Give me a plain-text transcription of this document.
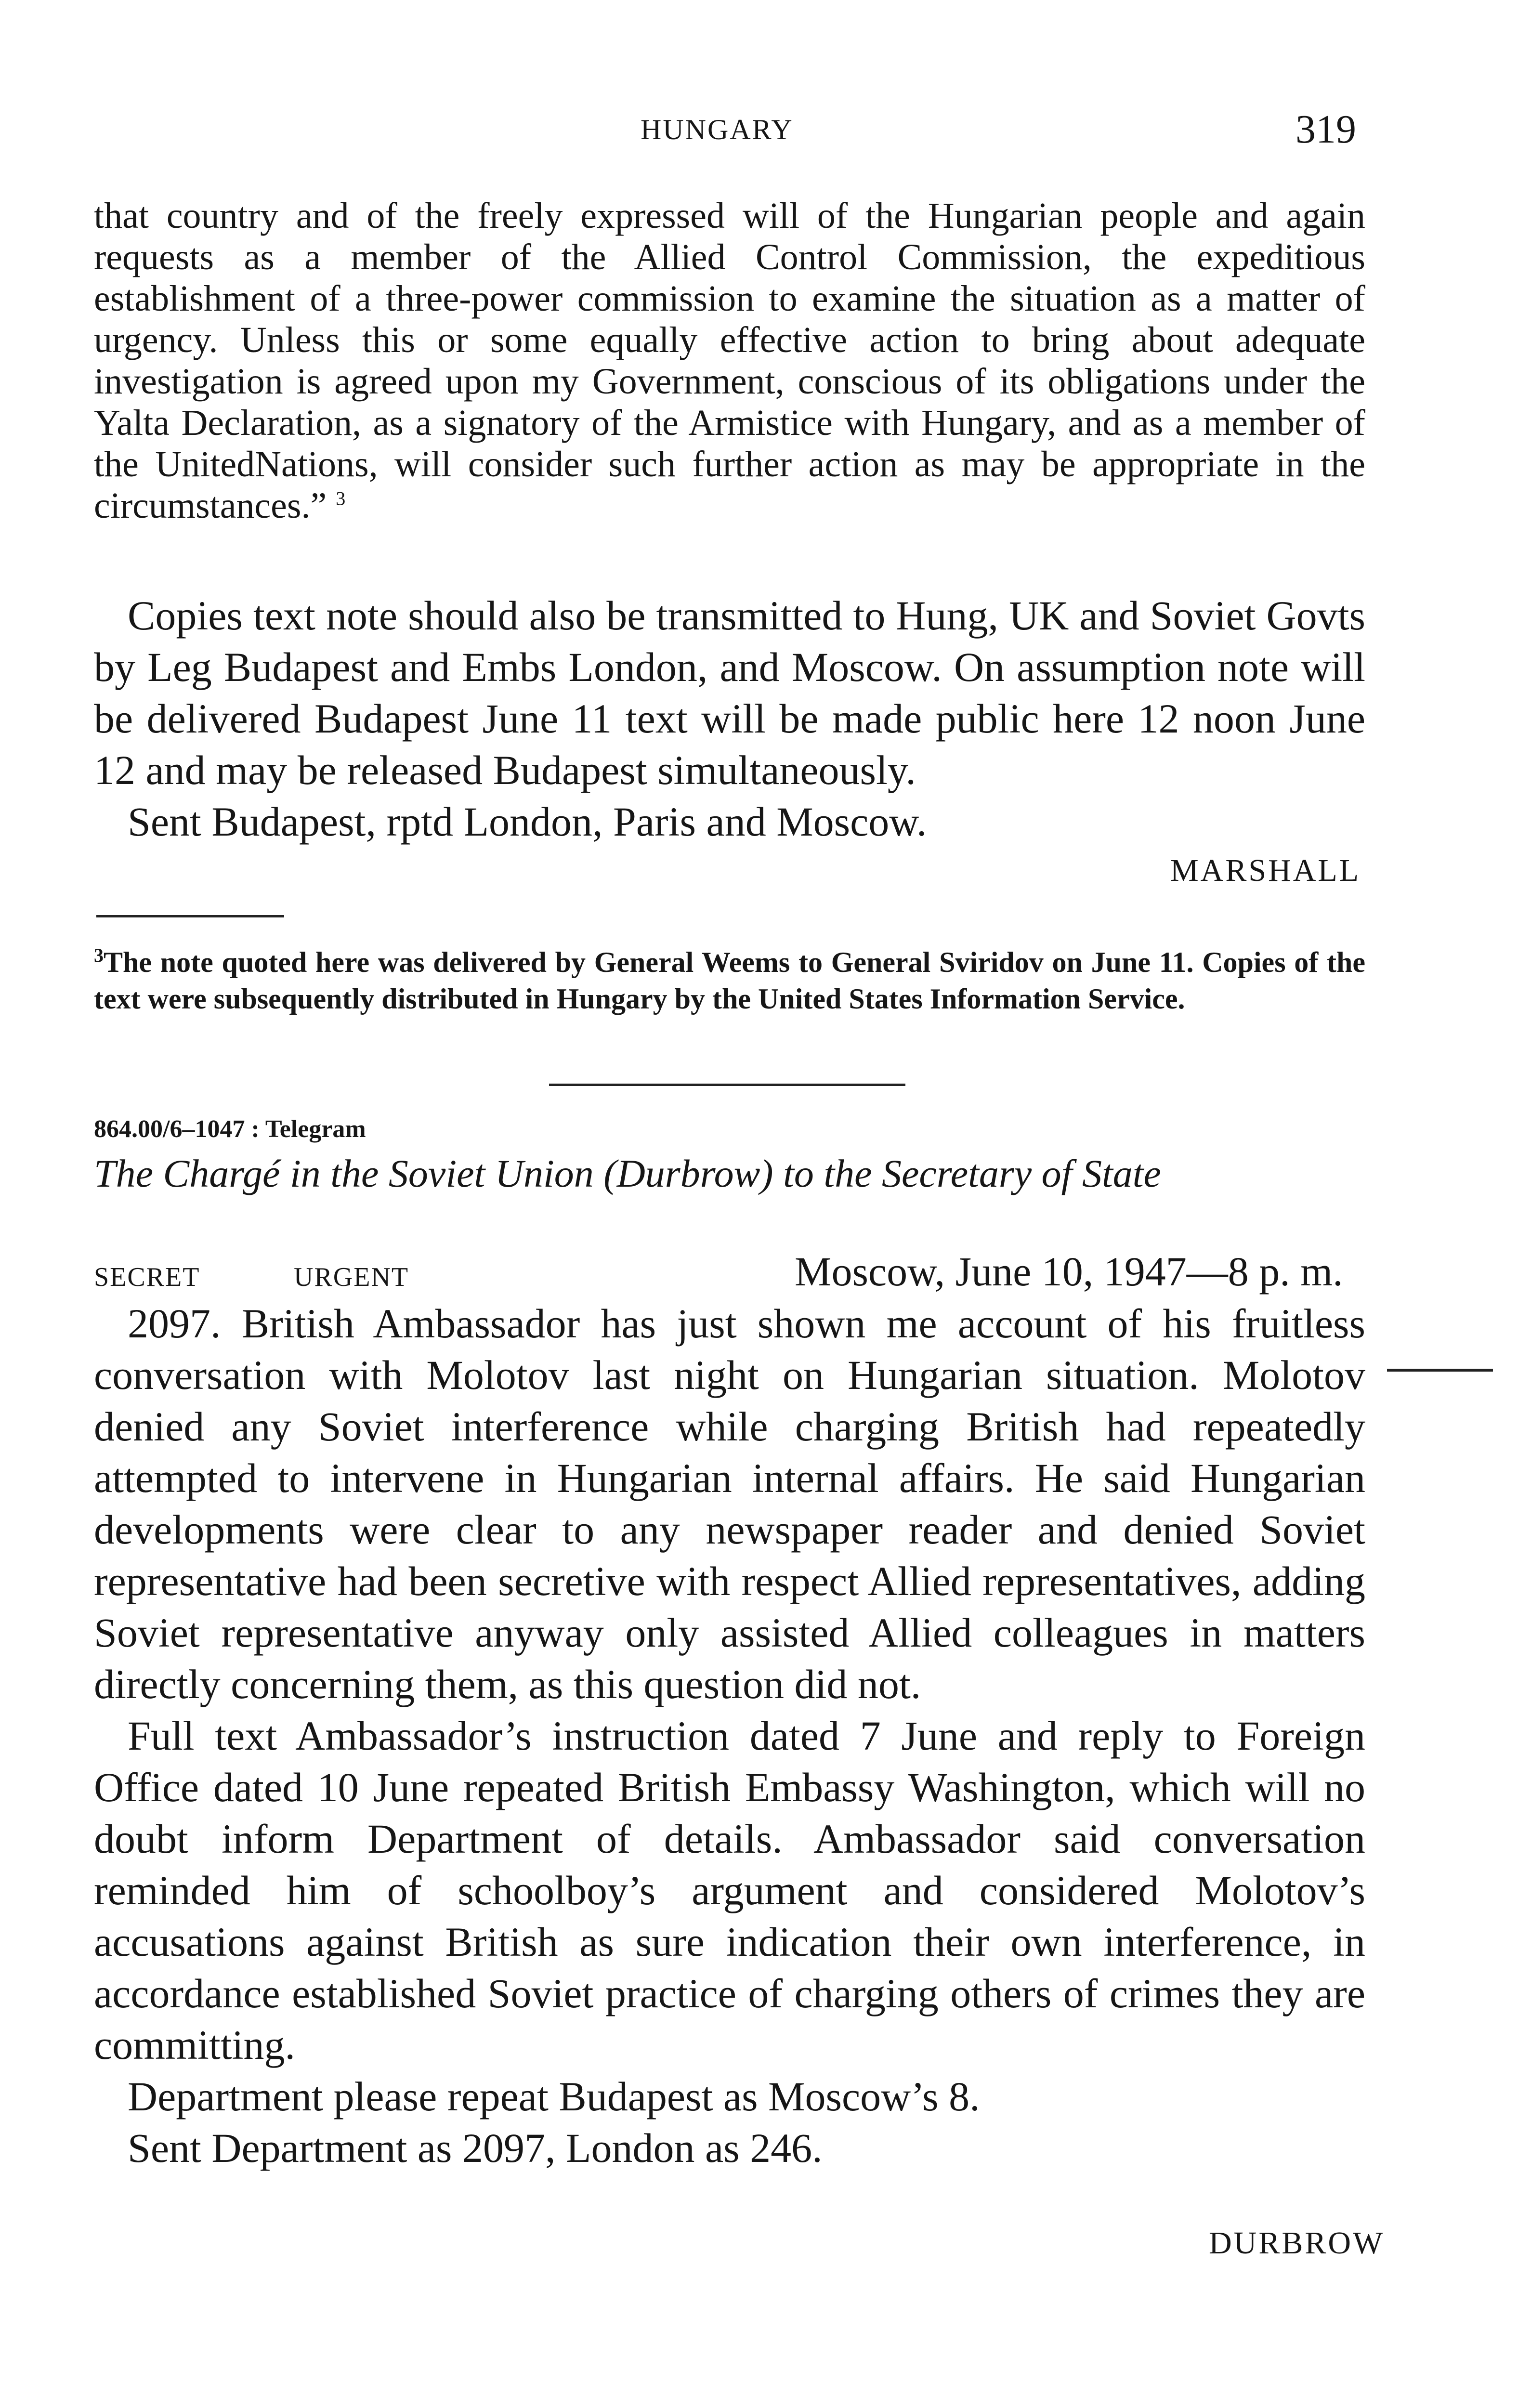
HUNGARY	319
that country and of the freely expressed will of the Hungarian people and again requests as a member of the Allied Control Commission, the expeditious establishment of a three-power commission to examine the situation as a matter of urgency. Unless this or some equally effective action to bring about adequate investigation is agreed upon my Government, conscious of its obligations under the Yalta Declaration, as a signatory of the Armistice with Hungary, and as a member of the UnitedNations, will consider such further action as may be appropriate in the circumstances.” $^3$

Copies text note should also be transmitted to Hung, UK and Soviet Govts by Leg Budapest and Embs London, and Moscow. On assumption note will be delivered Budapest June 11 text will be made public here 12 noon June 12 and may be released Budapest simultaneously.

Sent Budapest, rptd London, Paris and Moscow.

MARSHALL
$^3$The note quoted here was delivered by General Weems to General Sviridov on June 11. Copies of the text were subsequently distributed in Hungary by the United States Information Service.
864.00/6–1047 : Telegram
The Chargé in the Soviet Union (Durbrow) to the Secretary of State
SECRET	URGENT	Moscow, June 10, 1947—8 p. m.

2097. British Ambassador has just shown me account of his fruitless conversation with Molotov last night on Hungarian situation. Molotov denied any Soviet interference while charging British had repeatedly attempted to intervene in Hungarian internal affairs. He said Hungarian developments were clear to any newspaper reader and denied Soviet representative had been secretive with respect Allied representatives, adding Soviet representative anyway only assisted Allied colleagues in matters directly concerning them, as this question did not.

Full text Ambassador’s instruction dated 7 June and reply to Foreign Office dated 10 June repeated British Embassy Washington, which will no doubt inform Department of details. Ambassador said conversation reminded him of schoolboy’s argument and considered Molotov’s accusations against British as sure indication their own interference, in accordance established Soviet practice of charging others of crimes they are committing.

Department please repeat Budapest as Moscow’s 8.

Sent Department as 2097, London as 246.

DURBROW
